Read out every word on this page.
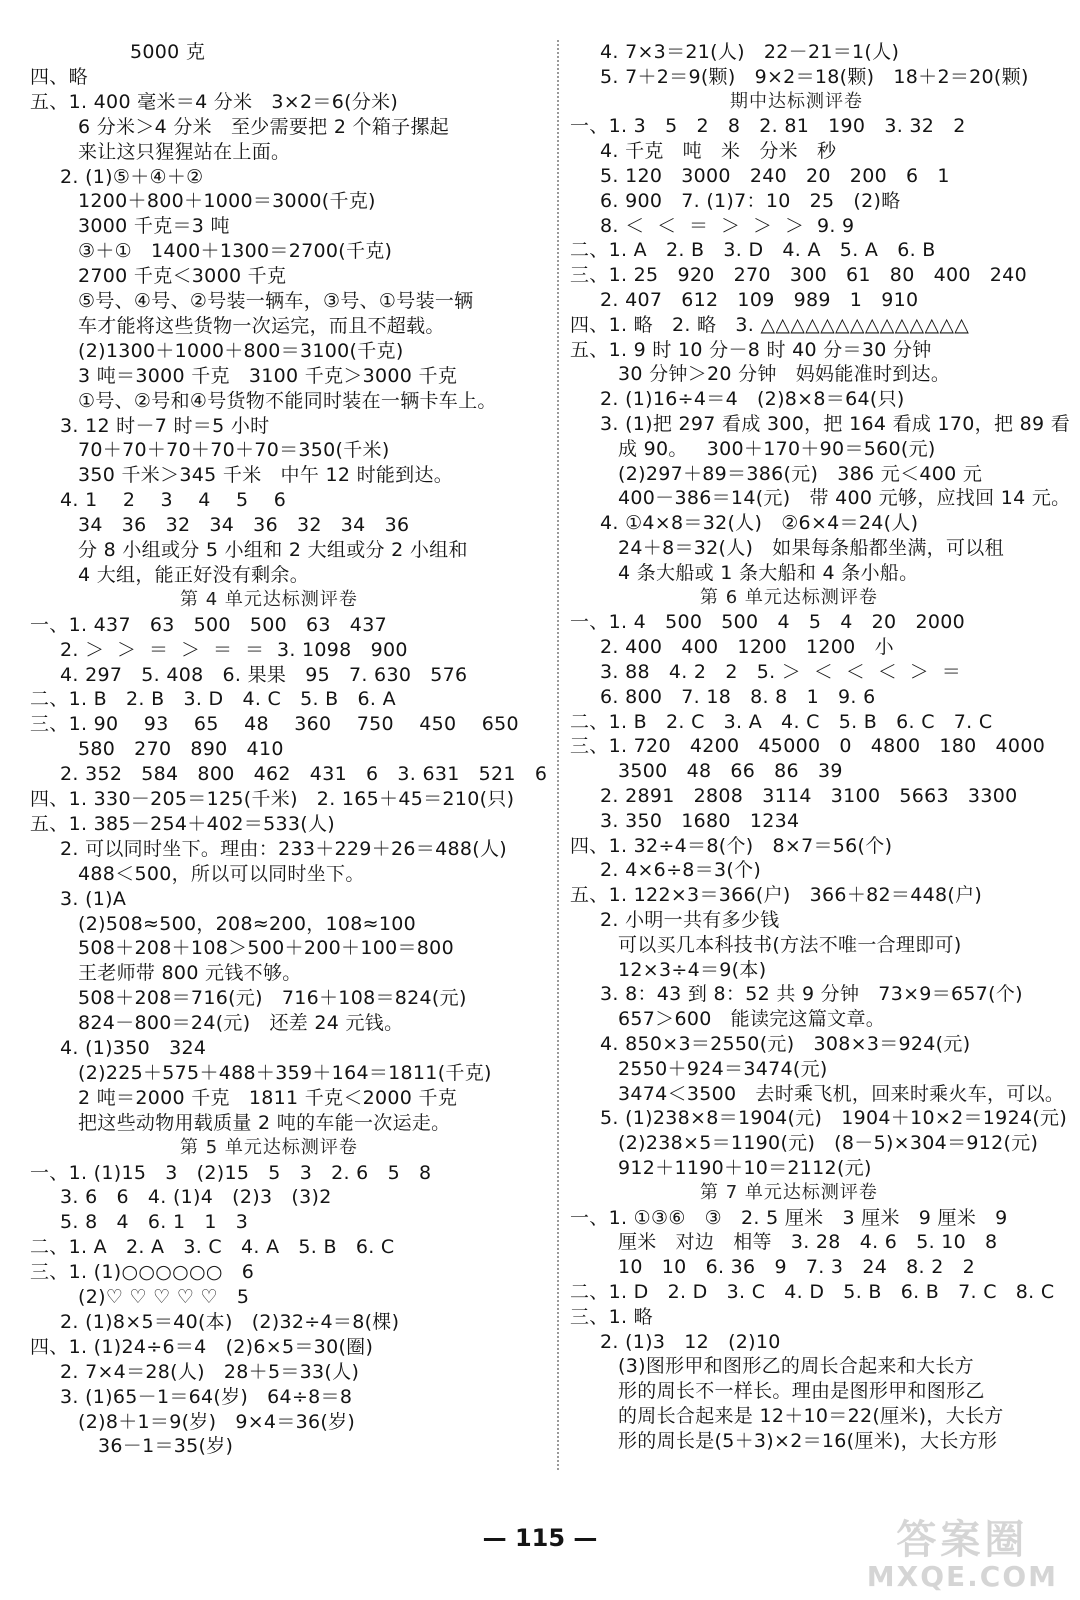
5000 克
四、略
五、1. 400 毫米＝4 分米   3×2＝6(分米)
6 分米＞4 分米   至少需要把 2 个箱子摞起
来让这只猩猩站在上面。
2. (1)⑤＋④＋②
1200＋800＋1000＝3000(千克)
3000 千克＝3 吨
③＋①   1400＋1300＝2700(千克)
2700 千克＜3000 千克
⑤号、④号、②号装一辆车，③号、①号装一辆
车才能将这些货物一次运完，而且不超载。
(2)1300＋1000＋800＝3100(千克)
3 吨＝3000 千克   3100 千克＞3000 千克
①号、②号和④号货物不能同时装在一辆卡车上。
3. 12 时－7 时＝5 小时
70＋70＋70＋70＋70＝350(千米)
350 千米＞345 千米   中午 12 时能到达。
4. 1    2    3    4    5    6
34   36   32   34   36   32   34   36
分 8 小组或分 5 小组和 2 大组或分 2 小组和
4 大组，能正好没有剩余。
第 4 单元达标测评卷
一、1. 437   63   500   500   63   437
2. ＞  ＞  ＝  ＞  ＝  ＝  3. 1098   900
4. 297   5. 408   6. 果果   95   7. 630   576
二、1. B   2. B   3. D   4. C   5. B   6. A
三、1. 90    93    65    48    360    750    450    650
580   270   890   410
2. 352   584   800   462   431   6   3. 631   521   6
四、1. 330－205＝125(千米)   2. 165＋45＝210(只)
五、1. 385－254＋402＝533(人)
2. 可以同时坐下。理由：233＋229＋26＝488(人)
488＜500，所以可以同时坐下。
3. (1)A
(2)508≈500，208≈200，108≈100
508＋208＋108＞500＋200＋100＝800
王老师带 800 元钱不够。
508＋208＝716(元)   716＋108＝824(元)
824－800＝24(元)   还差 24 元钱。
4. (1)350   324
(2)225＋575＋488＋359＋164＝1811(千克)
2 吨＝2000 千克   1811 千克＜2000 千克
把这些动物用载质量 2 吨的车能一次运走。
第 5 单元达标测评卷
一、1. (1)15   3   (2)15   5   3   2. 6   5   8
3. 6   6   4. (1)4   (2)3   (3)2
5. 8   4   6. 1   1   3
二、1. A   2. A   3. C   4. A   5. B   6. C
三、1. (1)○○○○○○   6
(2)♡ ♡ ♡ ♡ ♡   5
2. (1)8×5＝40(本)   (2)32÷4＝8(棵)
四、1. (1)24÷6＝4   (2)6×5＝30(圈)
2. 7×4＝28(人)   28＋5＝33(人)
3. (1)65－1＝64(岁)   64÷8＝8
(2)8＋1＝9(岁)   9×4＝36(岁)
36－1＝35(岁)
4. 7×3＝21(人)   22－21＝1(人)
5. 7＋2＝9(颗)   9×2＝18(颗)   18＋2＝20(颗)
期中达标测评卷
一、1. 3   5   2   8   2. 81   190   3. 32   2
4. 千克   吨   米   分米   秒
5. 120   3000   240   20   200   6   1
6. 900   7. (1)7：10   25   (2)略
8. ＜  ＜  ＝  ＞  ＞  ＞  9. 9
二、1. A   2. B   3. D   4. A   5. A   6. B
三、1. 25   920   270   300   61   80   400   240
2. 407   612   109   989   1   910
四、1. 略   2. 略   3. △△△△△△△△△△△△△△
五、1. 9 时 10 分－8 时 40 分＝30 分钟
30 分钟＞20 分钟   妈妈能准时到达。
2. (1)16÷4＝4   (2)8×8＝64(只)
3. (1)把 297 看成 300，把 164 看成 170，把 89 看
成 90。   300＋170＋90＝560(元)
(2)297＋89＝386(元)   386 元＜400 元
400－386＝14(元)   带 400 元够，应找回 14 元。
4. ①4×8＝32(人)   ②6×4＝24(人)
24＋8＝32(人)   如果每条船都坐满，可以租
4 条大船或 1 条大船和 4 条小船。
第 6 单元达标测评卷
一、1. 4   500   500   4   5   4   20   2000
2. 400   400   1200   1200   小
3. 88   4. 2   2   5. ＞  ＜  ＜  ＜  ＞  ＝
6. 800   7. 18   8. 8   1   9. 6
二、1. B   2. C   3. A   4. C   5. B   6. C   7. C
三、1. 720   4200   45000   0   4800   180   4000
3500   48   66   86   39
2. 2891   2808   3114   3100   5663   3300
3. 350   1680   1234
四、1. 32÷4＝8(个)   8×7＝56(个)
2. 4×6÷8＝3(个)
五、1. 122×3＝366(户)   366＋82＝448(户)
2. 小明一共有多少钱
可以买几本科技书(方法不唯一合理即可)
12×3÷4＝9(本)
3. 8：43 到 8：52 共 9 分钟   73×9＝657(个)
657＞600   能读完这篇文章。
4. 850×3＝2550(元)   308×3＝924(元)
2550＋924＝3474(元)
3474＜3500   去时乘飞机，回来时乘火车，可以。
5. (1)238×8＝1904(元)   1904＋10×2＝1924(元)
(2)238×5＝1190(元)   (8－5)×304＝912(元)
912＋1190＋10＝2112(元)
第 7 单元达标测评卷
一、1. ①③⑥   ③   2. 5 厘米   3 厘米   9 厘米   9
厘米   对边   相等   3. 28   4. 6   5. 10   8
10   10   6. 36   9   7. 3   24   8. 2   2
二、1. D   2. D   3. C   4. D   5. B   6. B   7. C   8. C
三、1. 略
2. (1)3   12   (2)10
(3)图形甲和图形乙的周长合起来和大长方
形的周长不一样长。理由是图形甲和图形乙
的周长合起来是 12＋10＝22(厘米)，大长方
形的周长是(5＋3)×2＝16(厘米)，大长方形
— 115 —	答案圈
MXQE.COM
